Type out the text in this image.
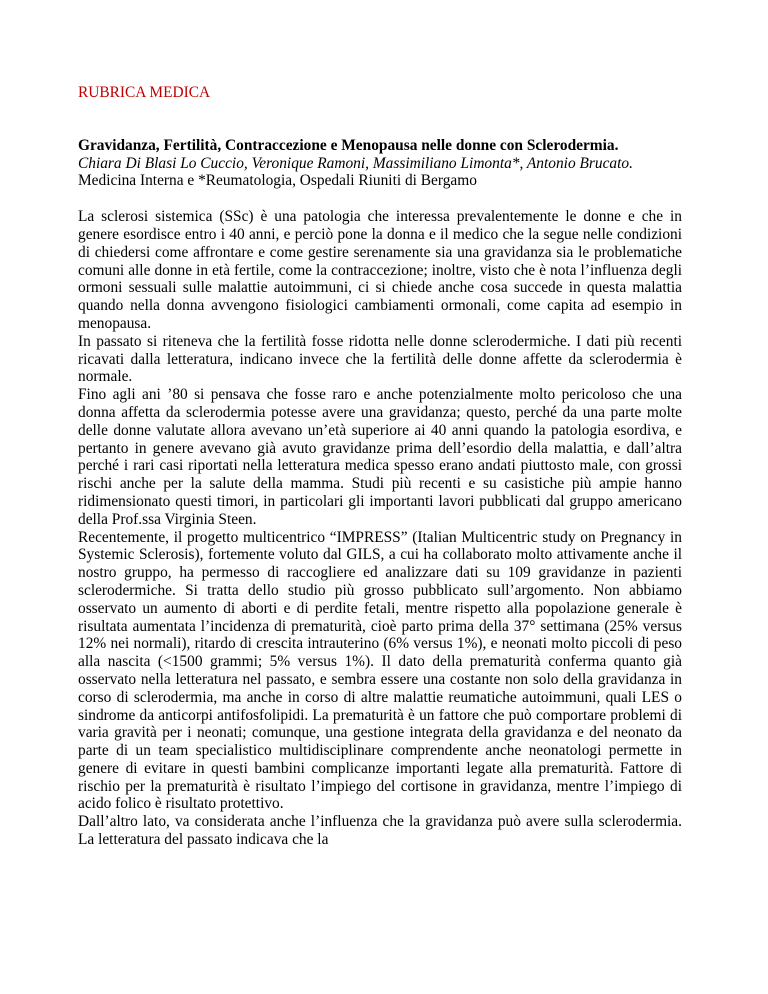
RUBRICA MEDICA

Gravidanza, Fertilità, Contraccezione e Menopausa nelle donne con Sclerodermia.

Chiara Di Blasi Lo Cuccio, Veronique Ramoni, Massimiliano Limonta*, Antonio Brucato.

Medicina Interna e *Reumatologia, Ospedali Riuniti di Bergamo

La sclerosi sistemica (SSc) è una patologia che interessa prevalentemente le donne e che in genere esordisce entro i 40 anni, e perciò pone la donna e il medico che la segue nelle condizioni di chiedersi come affrontare e come gestire serenamente sia una gravidanza sia le problematiche comuni alle donne in età fertile, come la contraccezione; inoltre, visto che è nota l’influenza degli ormoni sessuali sulle malattie autoimmuni, ci si chiede anche cosa succede in questa malattia quando nella donna avvengono fisiologici cambiamenti ormonali, come capita ad esempio in menopausa.

In passato si riteneva che la fertilità fosse ridotta nelle donne sclerodermiche. I dati più recenti ricavati dalla letteratura, indicano invece che la fertilità delle donne affette da sclerodermia è normale.

Fino agli ani ’80 si pensava che fosse raro e anche potenzialmente molto pericoloso che una donna affetta da sclerodermia potesse avere una gravidanza; questo, perché da una parte molte delle donne valutate allora avevano un’età superiore ai 40 anni quando la patologia esordiva, e pertanto in genere avevano già avuto gravidanze prima dell’esordio della malattia, e dall’altra perché i rari casi riportati nella letteratura medica spesso erano andati piuttosto male, con grossi rischi anche per la salute della mamma. Studi più recenti e su casistiche più ampie hanno ridimensionato questi timori, in particolari gli importanti lavori pubblicati dal gruppo americano della Prof.ssa Virginia Steen.

Recentemente, il progetto multicentrico “IMPRESS” (Italian Multicentric study on Pregnancy in Systemic Sclerosis), fortemente voluto dal GILS, a cui ha collaborato molto attivamente anche il nostro gruppo, ha permesso di raccogliere ed analizzare dati su 109 gravidanze in pazienti sclerodermiche. Si tratta dello studio più grosso pubblicato sull’argomento. Non abbiamo osservato un aumento di aborti e di perdite fetali, mentre rispetto alla popolazione generale è risultata aumentata l’incidenza di prematurità, cioè parto prima della 37° settimana (25% versus 12% nei normali), ritardo di crescita intrauterino (6% versus 1%), e neonati molto piccoli di peso alla nascita (<1500 grammi; 5% versus 1%). Il dato della prematurità conferma quanto già osservato nella letteratura nel passato, e sembra essere una costante non solo della gravidanza in corso di sclerodermia, ma anche in corso di altre malattie reumatiche autoimmuni, quali LES o sindrome da anticorpi antifosfolipidi. La prematurità è un fattore che può comportare problemi di varia gravità per i neonati; comunque, una gestione integrata della gravidanza e del neonato da parte di un team specialistico multidisciplinare comprendente anche neonatologi permette in genere di evitare in questi bambini complicanze importanti legate alla prematurità. Fattore di rischio per la prematurità è risultato l’impiego del cortisone in gravidanza, mentre l’impiego di acido folico è risultato protettivo.

Dall’altro lato, va considerata anche l’influenza che la gravidanza può avere sulla sclerodermia. La letteratura del passato indicava che la
